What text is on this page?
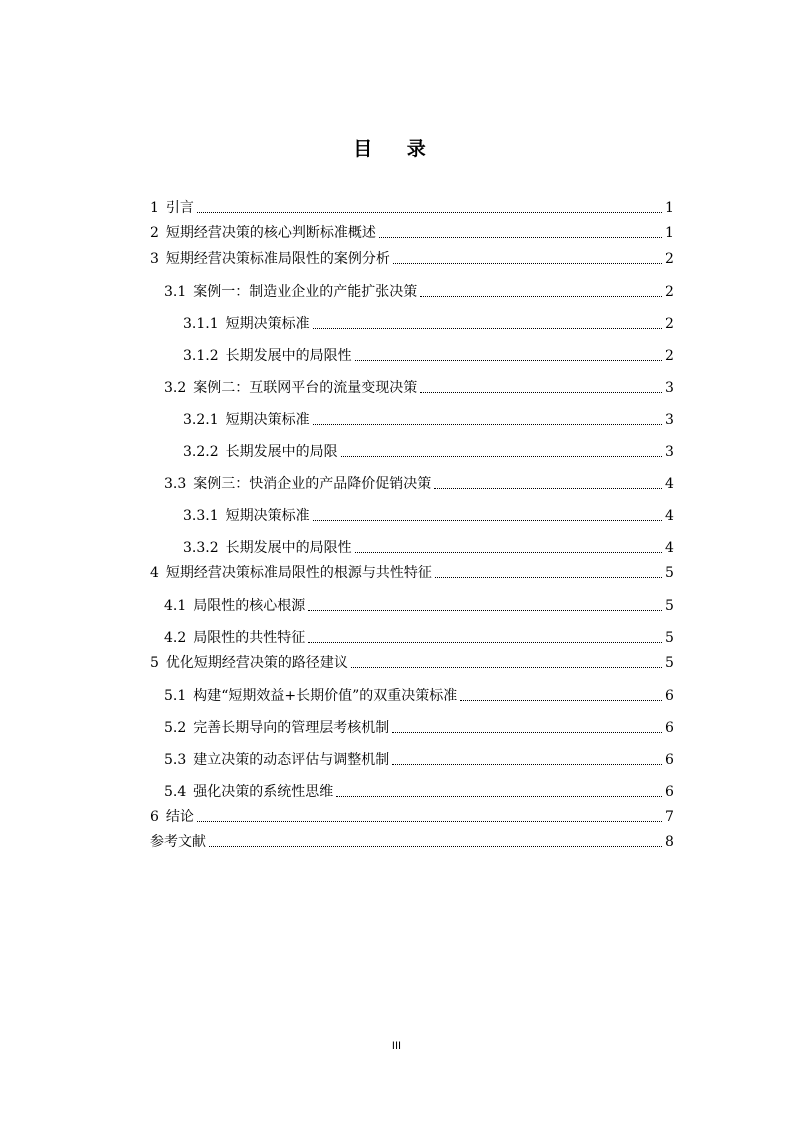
目 录
1 引言	1
2 短期经营决策的核心判断标准概述	1
3 短期经营决策标准局限性的案例分析	2
3.1 案例一：制造业企业的产能扩张决策	2
3.1.1 短期决策标准	2
3.1.2 长期发展中的局限性	2
3.2 案例二：互联网平台的流量变现决策	3
3.2.1 短期决策标准	3
3.2.2 长期发展中的局限	3
3.3 案例三：快消企业的产品降价促销决策	4
3.3.1 短期决策标准	4
3.3.2 长期发展中的局限性	4
4 短期经营决策标准局限性的根源与共性特征	5
4.1 局限性的核心根源	5
4.2 局限性的共性特征	5
5 优化短期经营决策的路径建议	5
5.1 构建“短期效益+长期价值”的双重决策标准	6
5.2 完善长期导向的管理层考核机制	6
5.3 建立决策的动态评估与调整机制	6
5.4 强化决策的系统性思维	6
6 结论	7
参考文献	8
III
